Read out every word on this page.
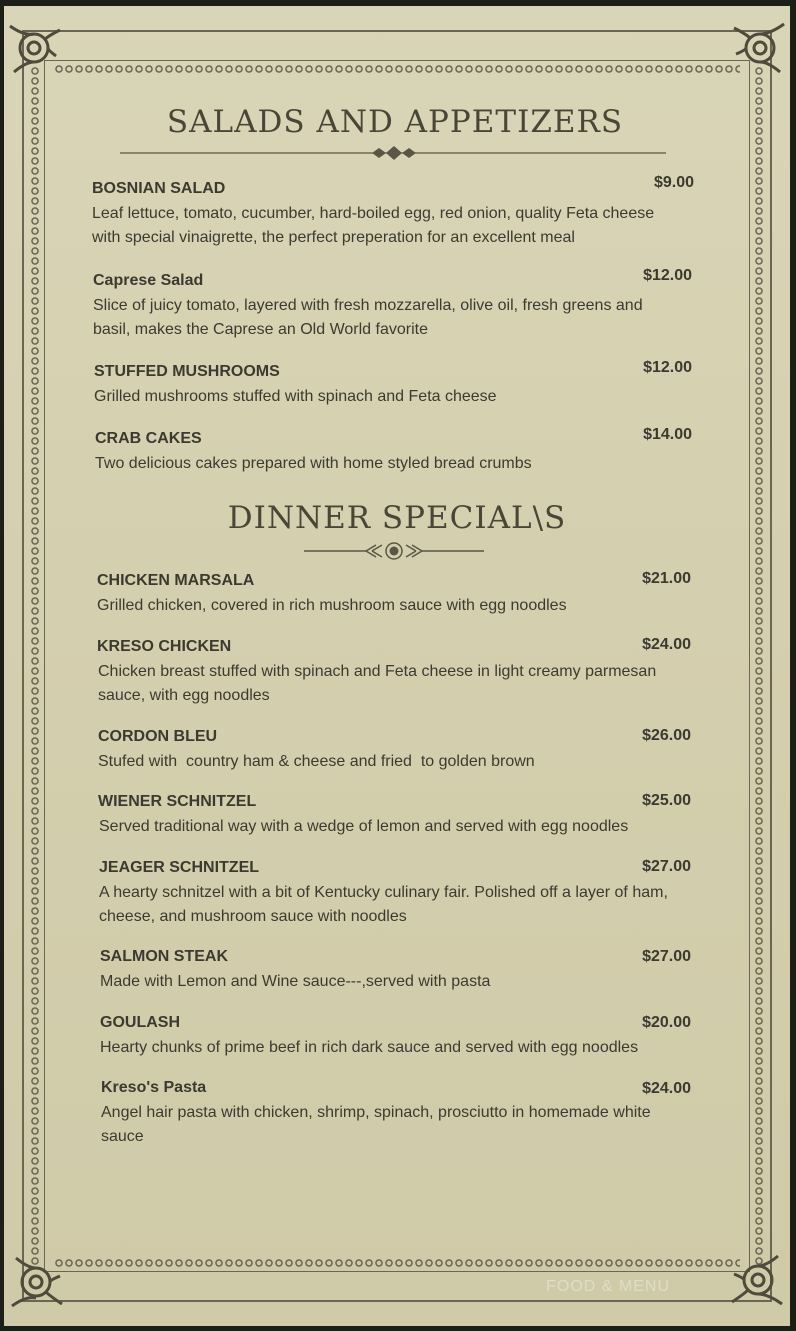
SALADS AND APPETIZERS
BOSNIAN SALAD	$9.00
Leaf lettuce, tomato, cucumber, hard-boiled egg, red onion, quality Feta cheese with special vinaigrette, the perfect preperation for an excellent meal
Caprese Salad	$12.00
Slice of juicy tomato, layered with fresh mozzarella, olive oil, fresh greens and basil, makes the Caprese an Old World favorite
STUFFED MUSHROOMS	$12.00
Grilled mushrooms stuffed with spinach and Feta cheese
CRAB CAKES	$14.00
Two delicious cakes prepared with home styled bread crumbs
DINNER SPECIAL\S
CHICKEN MARSALA	$21.00
Grilled chicken, covered in rich mushroom sauce with egg noodles
KRESO CHICKEN	$24.00
Chicken breast stuffed with spinach and Feta cheese in light creamy parmesan sauce, with egg noodles
CORDON BLEU	$26.00
Stufed with  country ham & cheese and fried  to golden brown
WIENER SCHNITZEL	$25.00
Served traditional way with a wedge of lemon and served with egg noodles
JEAGER SCHNITZEL	$27.00
A hearty schnitzel with a bit of Kentucky culinary fair. Polished off a layer of ham, cheese, and mushroom sauce with noodles
SALMON STEAK	$27.00
Made with Lemon and Wine sauce---,served with pasta
GOULASH	$20.00
Hearty chunks of prime beef in rich dark sauce and served with egg noodles
Kreso's Pasta	$24.00
Angel hair pasta with chicken, shrimp, spinach, prosciutto in homemade white sauce
FOOD & MENU
